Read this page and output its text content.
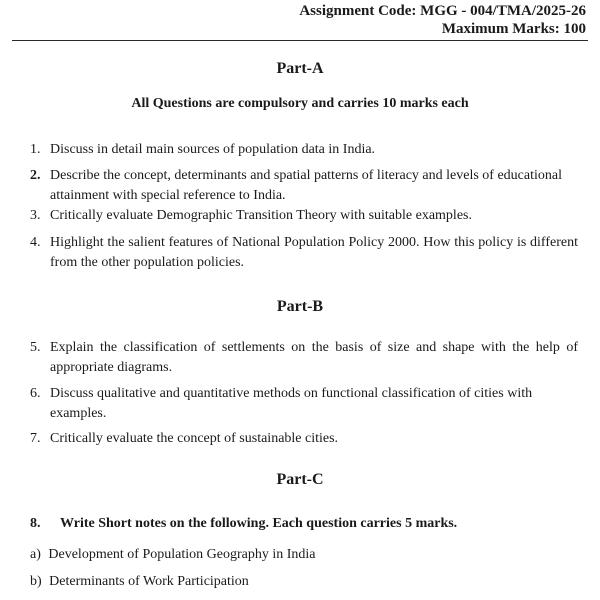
Assignment Code: MGG - 004/TMA/2025-26
Maximum Marks: 100
Part-A
All Questions are compulsory and carries 10 marks each
1. Discuss in detail main sources of population data in India.
2. Describe the concept, determinants and spatial patterns of literacy and levels of educational attainment with special reference to India.
3. Critically evaluate Demographic Transition Theory with suitable examples.
4. Highlight the salient features of National Population Policy 2000. How this policy is different from the other population policies.
Part-B
5. Explain the classification of settlements on the basis of size and shape with the help of appropriate diagrams.
6. Discuss qualitative and quantitative methods on functional classification of cities with examples.
7. Critically evaluate the concept of sustainable cities.
Part-C
8.	Write Short notes on the following. Each question carries 5 marks.
a) Development of Population Geography in India
b) Determinants of Work Participation
